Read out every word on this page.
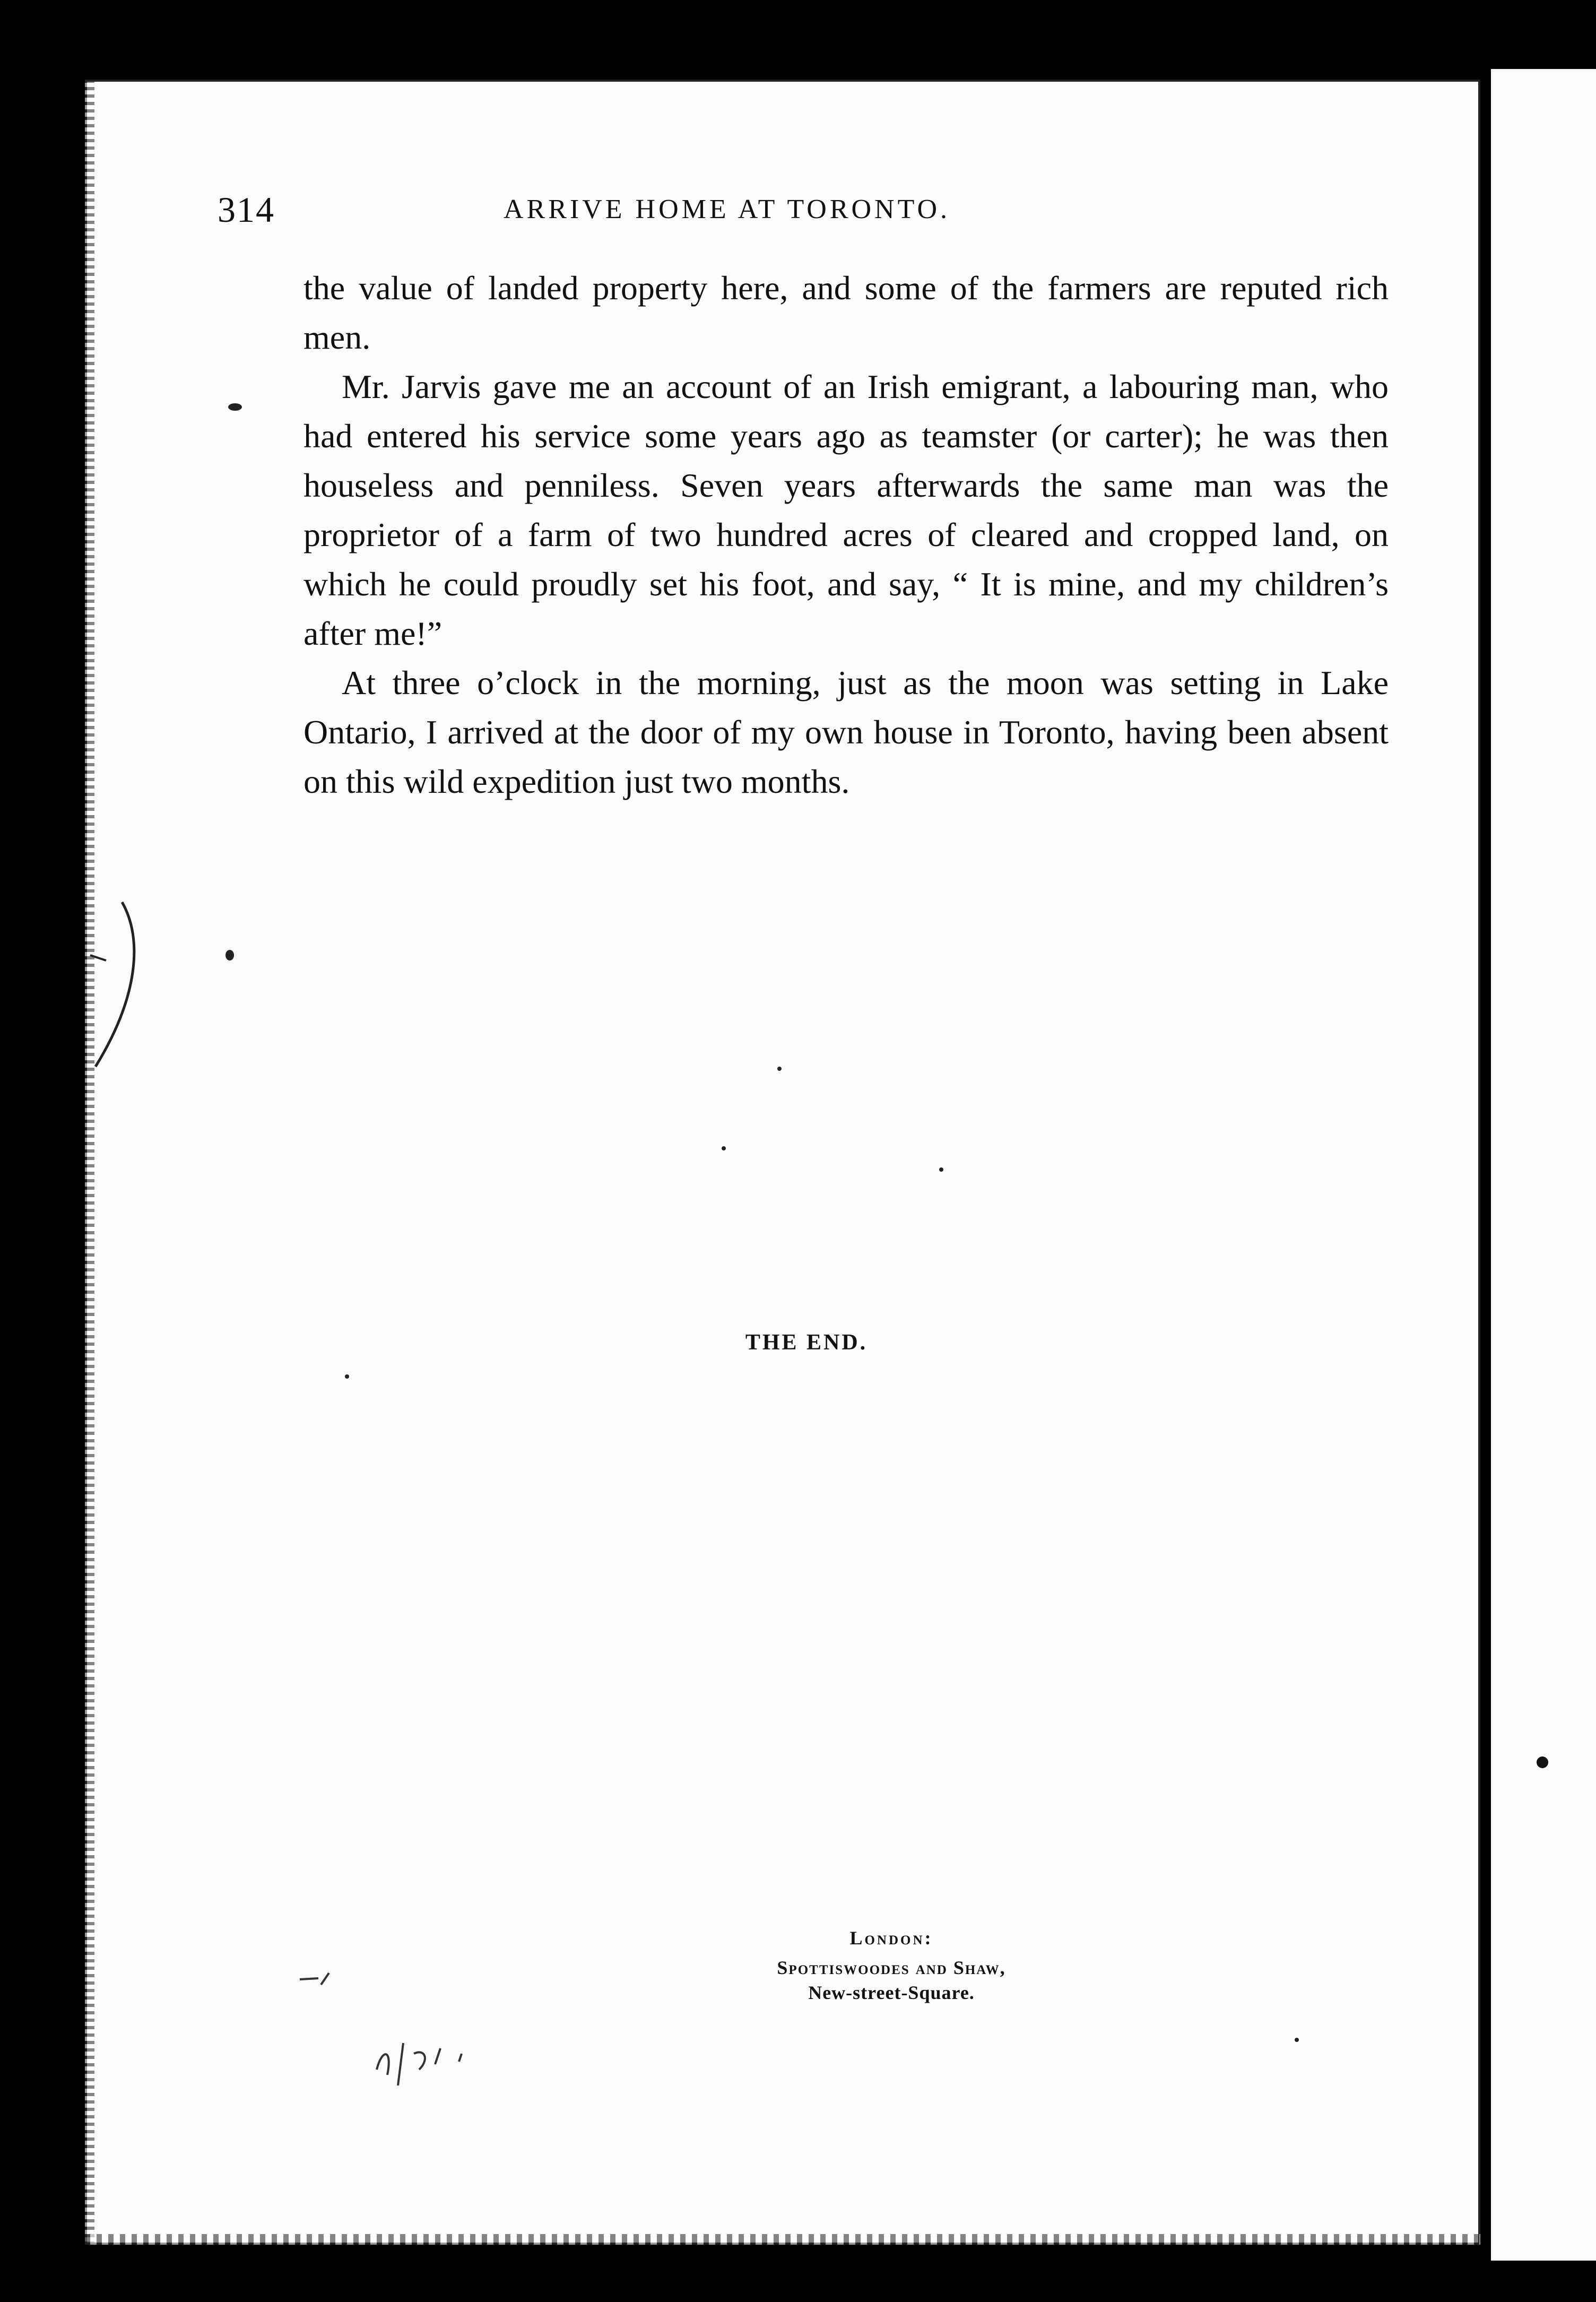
314	ARRIVE HOME AT TORONTO.

the value of landed property here, and some of the farmers are reputed rich men.

Mr. Jarvis gave me an account of an Irish emigrant, a labouring man, who had entered his service some years ago as teamster (or carter); he was then houseless and penniless. Seven years afterwards the same man was the proprietor of a farm of two hundred acres of cleared and cropped land, on which he could proudly set his foot, and say, “ It is mine, and my children’s after me!”

At three o’clock in the morning, just as the moon was setting in Lake Ontario, I arrived at the door of my own house in Toronto, having been absent on this wild expedition just two months.

THE END.
London:
Spottiswoodes and Shaw,
New-street-Square.
